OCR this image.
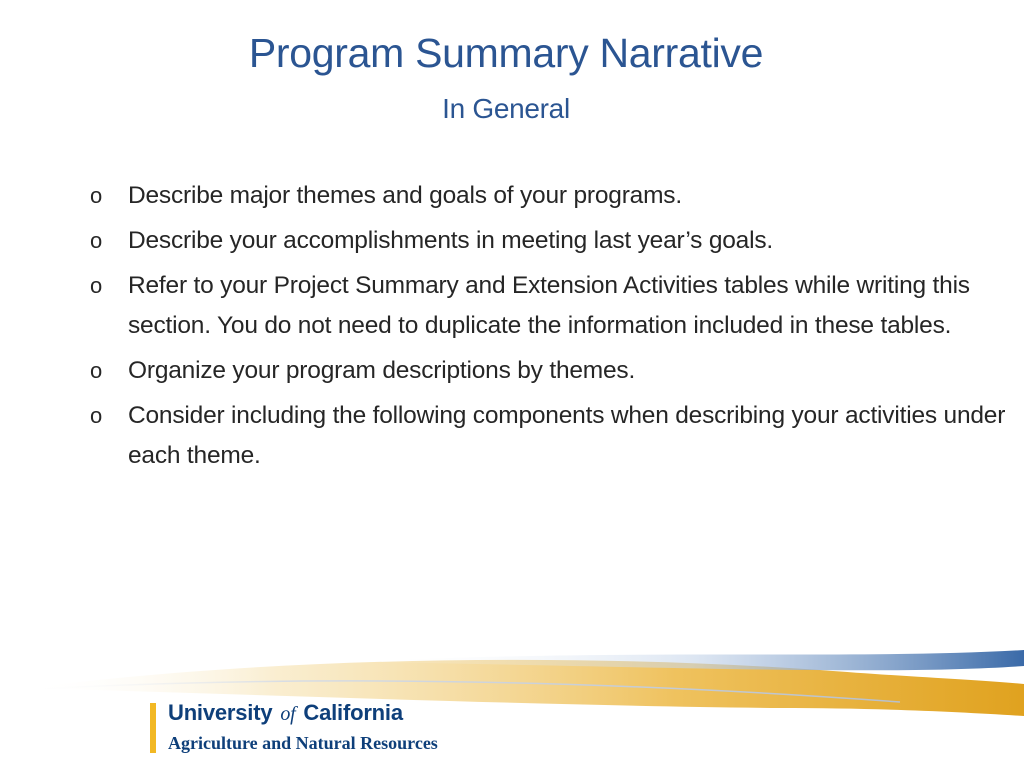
Program Summary Narrative
In General
o Describe major themes and goals of your programs.
o Describe your accomplishments in meeting last year’s goals.
o Refer to your Project Summary and Extension Activities tables while writing this section. You do not need to duplicate the information included in these tables.
o Organize your program descriptions by themes.
o Consider including the following components when describing your activities under each theme.
University of California
Agriculture and Natural Resources
